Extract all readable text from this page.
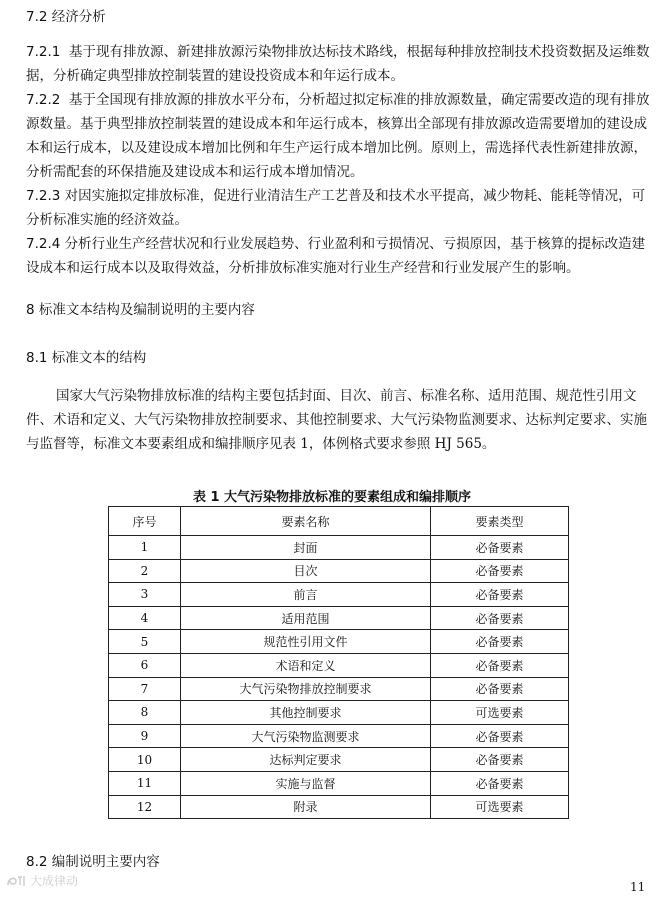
7.2 经济分析
7.2.1 基于现有排放源、新建排放源污染物排放达标技术路线，根据每种排放控制技术投资数据及运维数据，分析确定典型排放控制装置的建设投资成本和年运行成本。
7.2.2 基于全国现有排放源的排放水平分布，分析超过拟定标准的排放源数量，确定需要改造的现有排放源数量。基于典型排放控制装置的建设成本和年运行成本，核算出全部现有排放源改造需要增加的建设成本和运行成本，以及建设成本增加比例和年生产运行成本增加比例。原则上，需选择代表性新建排放源，分析需配套的环保措施及建设成本和运行成本增加情况。
7.2.3 对因实施拟定排放标准，促进行业清洁生产工艺普及和技术水平提高，减少物耗、能耗等情况，可分析标准实施的经济效益。
7.2.4 分析行业生产经营状况和行业发展趋势、行业盈利和亏损情况、亏损原因，基于核算的提标改造建设成本和运行成本以及取得效益，分析排放标准实施对行业生产经营和行业发展产生的影响。
8 标准文本结构及编制说明的主要内容
8.1 标准文本的结构
国家大气污染物排放标准的结构主要包括封面、目次、前言、标准名称、适用范围、规范性引用文件、术语和定义、大气污染物排放控制要求、其他控制要求、大气污染物监测要求、达标判定要求、实施与监督等，标准文本要素组成和编排顺序见表 1，体例格式要求参照 HJ 565。
表 1 大气污染物排放标准的要素组成和编排顺序
序号	要素名称	要素类型
1	封面	必备要素
2	目次	必备要素
3	前言	必备要素
4	适用范围	必备要素
5	规范性引用文件	必备要素
6	术语和定义	必备要素
7	大气污染物排放控制要求	必备要素
8	其他控制要求	可选要素
9	大气污染物监测要求	必备要素
10	达标判定要求	必备要素
11	实施与监督	必备要素
12	附录	可选要素
8.2 编制说明主要内容
大成律动	11
